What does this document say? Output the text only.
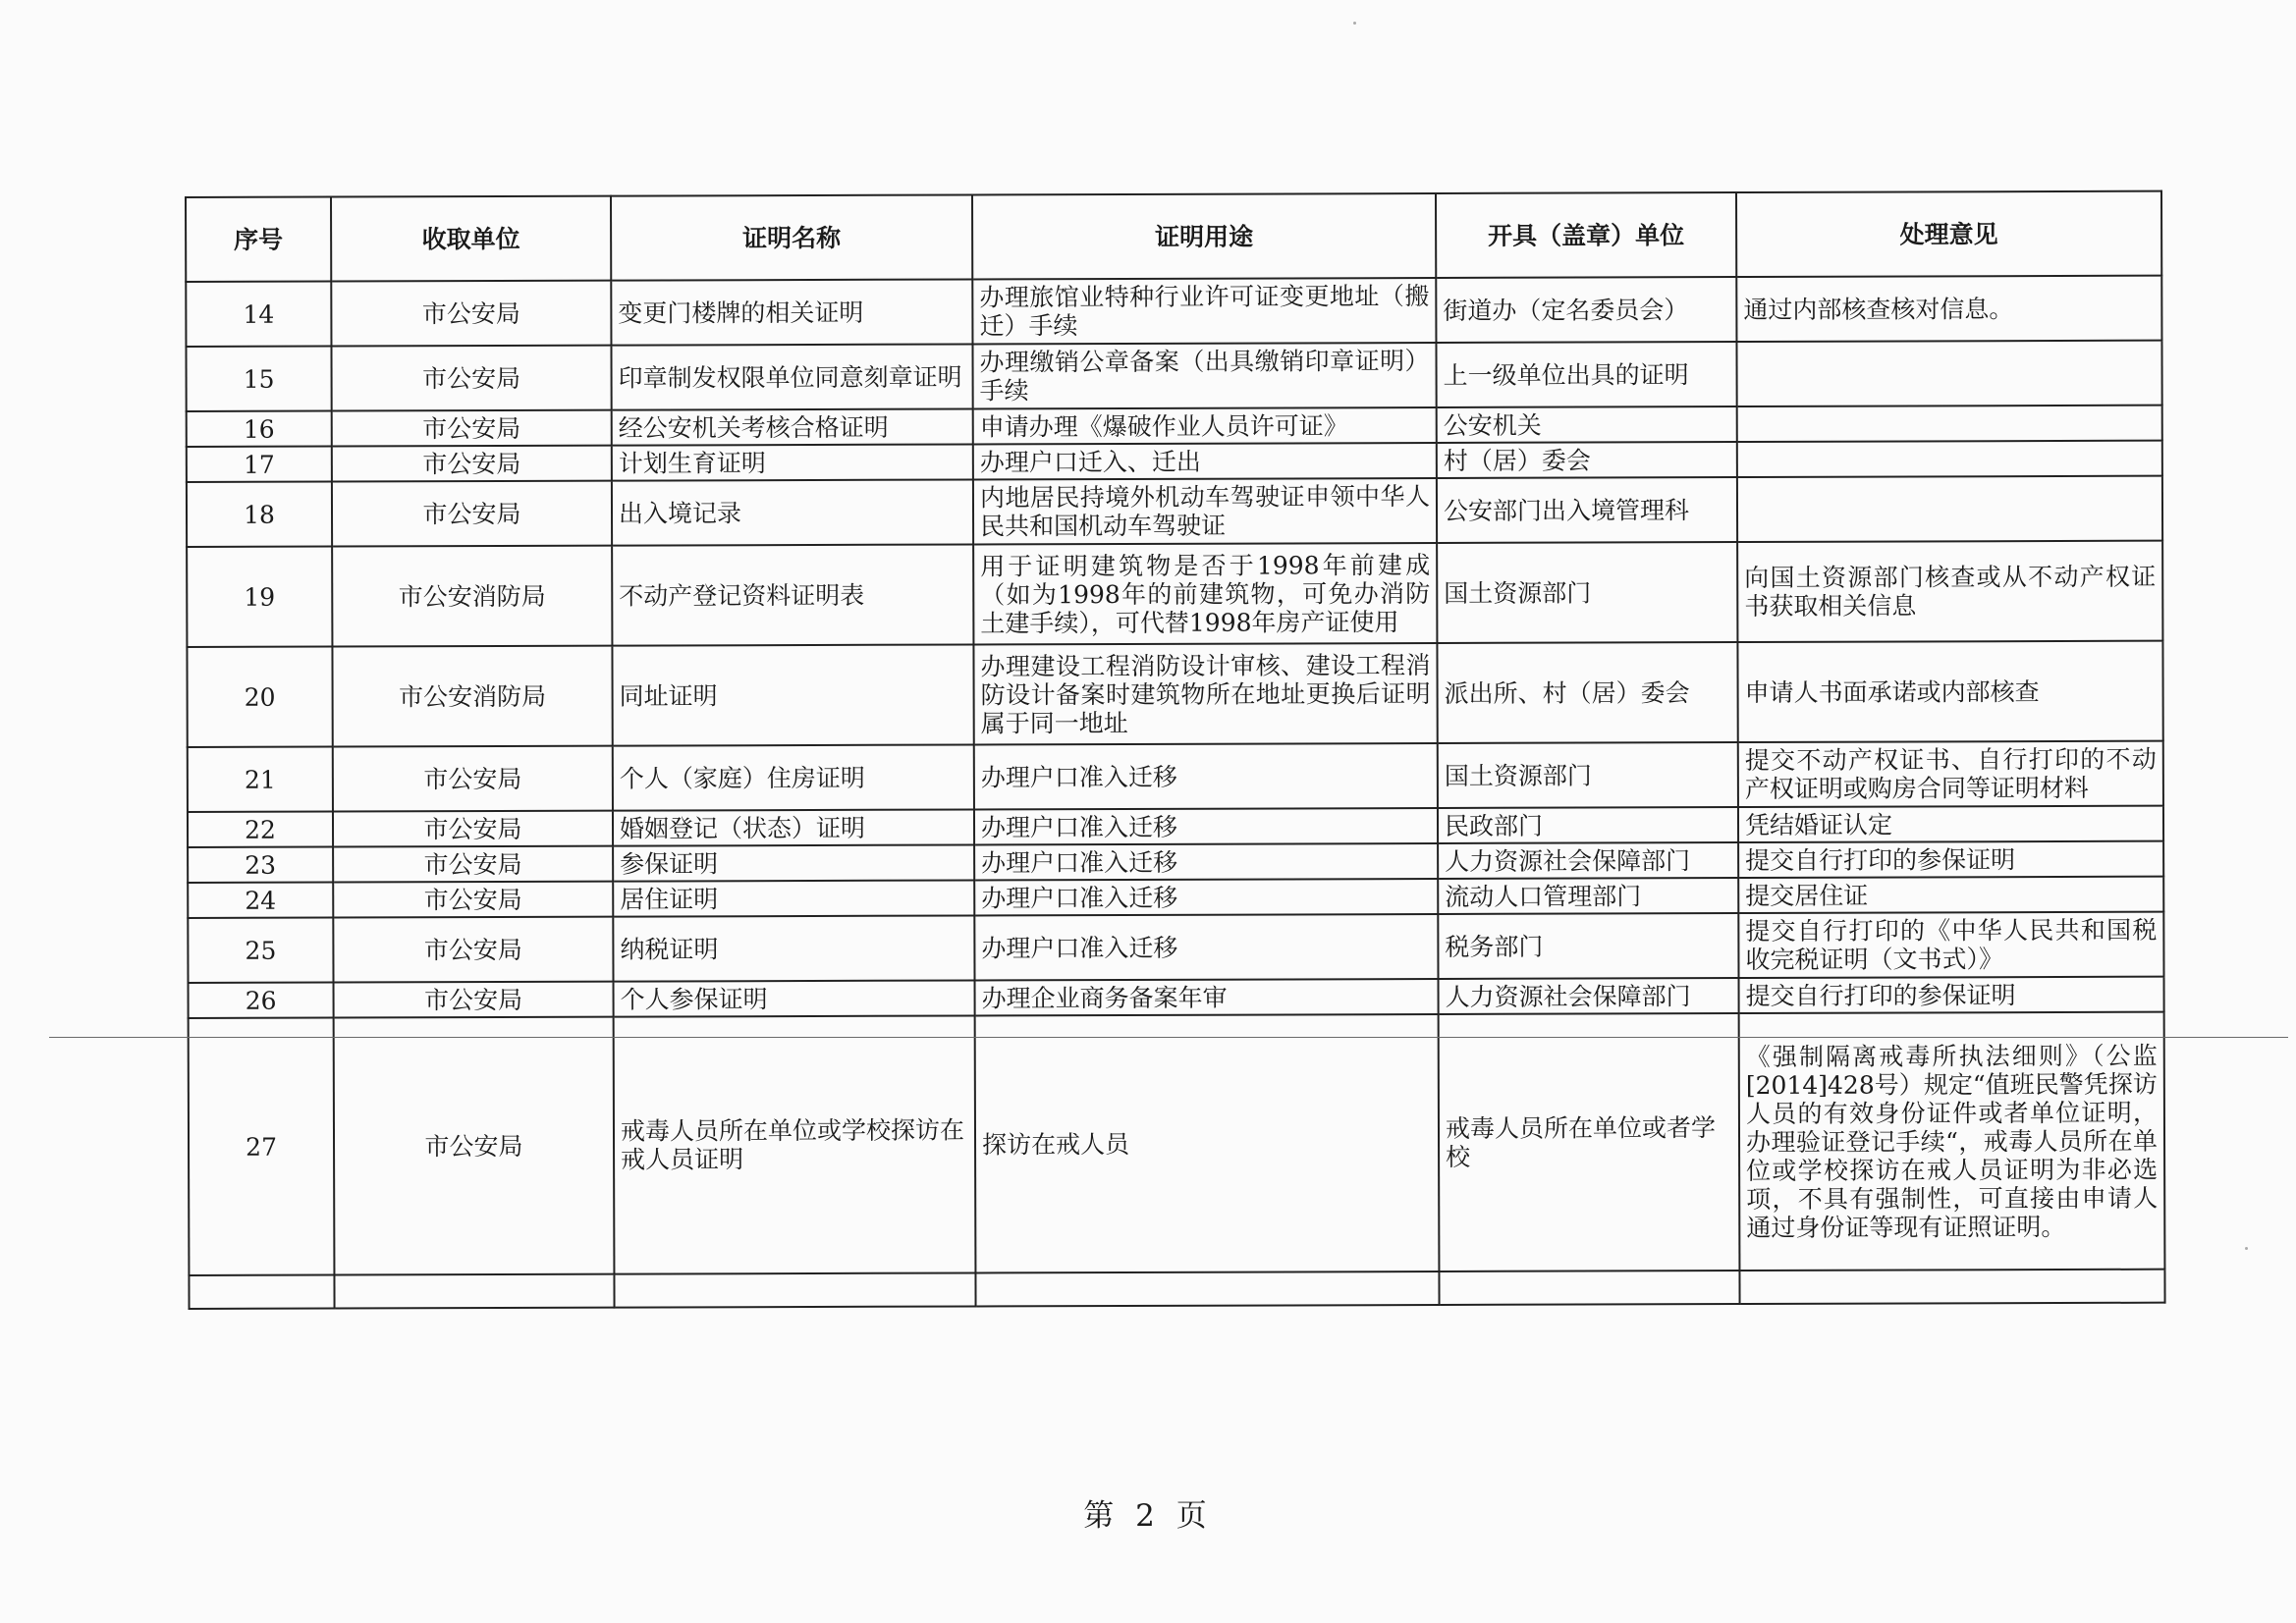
序号	收取单位	证明名称	证明用途	开具（盖章）单位	处理意见
14	市公安局	变更门楼牌的相关证明	办理旅馆业特种行业许可证变更地址（搬迁）手续	街道办（定名委员会）	通过内部核查核对信息。
15	市公安局	印章制发权限单位同意刻章证明	办理缴销公章备案（出具缴销印章证明）手续	上一级单位出具的证明	
16	市公安局	经公安机关考核合格证明	申请办理《爆破作业人员许可证》	公安机关	
17	市公安局	计划生育证明	办理户口迁入、迁出	村（居）委会	
18	市公安局	出入境记录	内地居民持境外机动车驾驶证申领中华人民共和国机动车驾驶证	公安部门出入境管理科	
19	市公安消防局	不动产登记资料证明表	用于证明建筑物是否于1998年前建成（如为1998年的前建筑物，可免办消防土建手续），可代替1998年房产证使用	国土资源部门	向国土资源部门核查或从不动产权证书获取相关信息
20	市公安消防局	同址证明	办理建设工程消防设计审核、建设工程消防设计备案时建筑物所在地址更换后证明属于同一地址	派出所、村（居）委会	申请人书面承诺或内部核查
21	市公安局	个人（家庭）住房证明	办理户口准入迁移	国土资源部门	提交不动产权证书、自行打印的不动产权证明或购房合同等证明材料
22	市公安局	婚姻登记（状态）证明	办理户口准入迁移	民政部门	凭结婚证认定
23	市公安局	参保证明	办理户口准入迁移	人力资源社会保障部门	提交自行打印的参保证明
24	市公安局	居住证明	办理户口准入迁移	流动人口管理部门	提交居住证
25	市公安局	纳税证明	办理户口准入迁移	税务部门	提交自行打印的《中华人民共和国税收完税证明（文书式）》
26	市公安局	个人参保证明	办理企业商务备案年审	人力资源社会保障部门	提交自行打印的参保证明
27	市公安局	戒毒人员所在单位或学校探访在戒人员证明	探访在戒人员	戒毒人员所在单位或者学校	《强制隔离戒毒所执法细则》（公监[2014]428号）规定“值班民警凭探访人员的有效身份证件或者单位证明，办理验证登记手续“，戒毒人员所在单位或学校探访在戒人员证明为非必选项，不具有强制性，可直接由申请人通过身份证等现有证照证明。

第 2 页
